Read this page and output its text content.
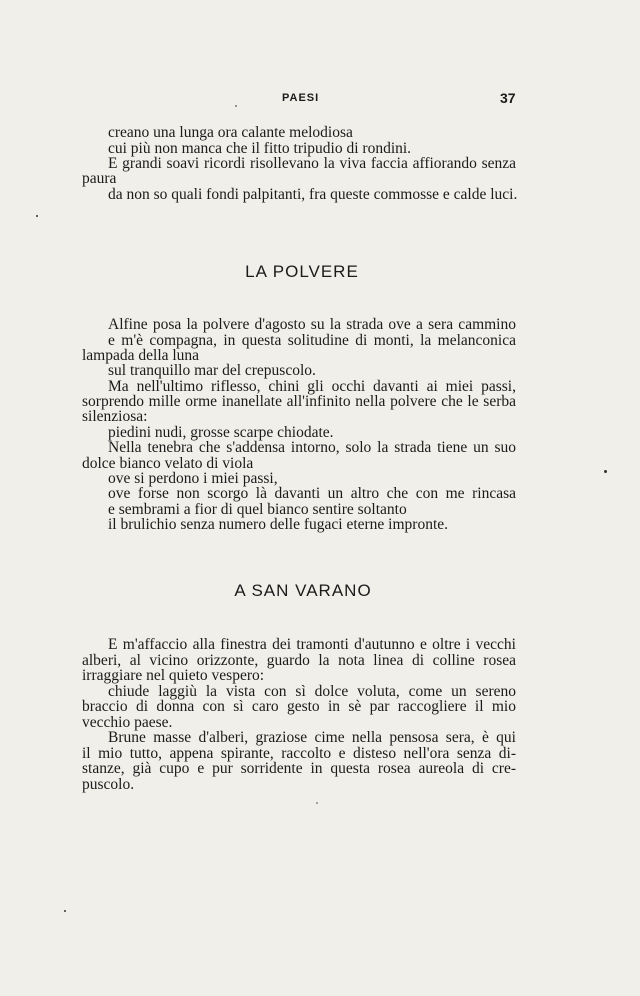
PAESI	37
creano una lunga ora calante melodiosa
cui più non manca che il fitto tripudio di rondini.
E grandi soavi ricordi risollevano la viva faccia affiorando senza
paura
da non so quali fondi palpitanti, fra queste commosse e calde luci.
LA POLVERE
Alfine posa la polvere d'agosto su la strada ove a sera cammino
e m'è compagna, in questa solitudine di monti, la melanconica
lampada della luna
sul tranquillo mar del crepuscolo.
Ma nell'ultimo riflesso, chini gli occhi davanti ai miei passi,
sorprendo mille orme inanellate all'infinito nella polvere che le serba
silenziosa:
piedini nudi, grosse scarpe chiodate.
Nella tenebra che s'addensa intorno, solo la strada tiene un suo
dolce bianco velato di viola
ove si perdono i miei passi,
ove forse non scorgo là davanti un altro che con me rincasa
e sembrami a fior di quel bianco sentire soltanto
il brulichio senza numero delle fugaci eterne impronte.
A SAN VARANO
E m'affaccio alla finestra dei tramonti d'autunno e oltre i vecchi
alberi, al vicino orizzonte, guardo la nota linea di colline rosea
irraggiare nel quieto vespero:
chiude laggiù la vista con sì dolce voluta, come un sereno
braccio di donna con sì caro gesto in sè par raccogliere il mio
vecchio paese.
Brune masse d'alberi, graziose cime nella pensosa sera, è qui
il mio tutto, appena spirante, raccolto e disteso nell'ora senza di-
stanze, già cupo e pur sorridente in questa rosea aureola di cre-
puscolo.
